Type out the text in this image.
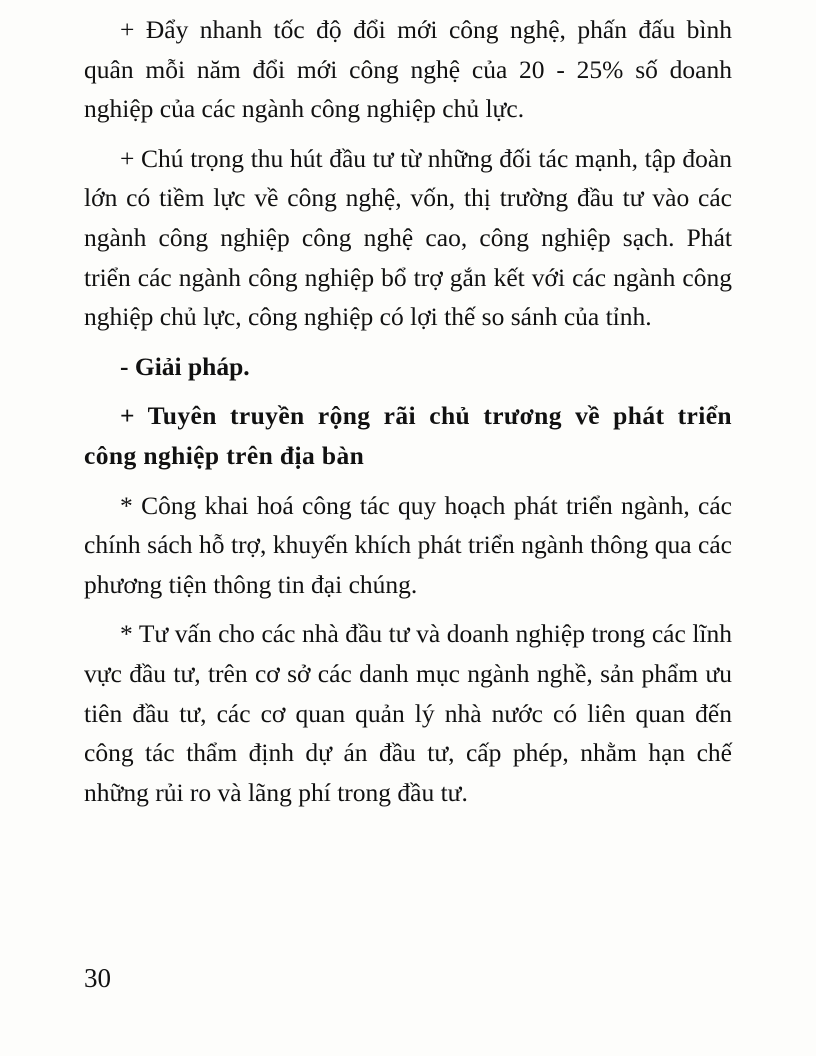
+ Đẩy nhanh tốc độ đổi mới công nghệ, phấn đấu bình quân mỗi năm đổi mới công nghệ của 20 - 25% số doanh nghiệp của các ngành công nghiệp chủ lực.

+ Chú trọng thu hút đầu tư từ những đối tác mạnh, tập đoàn lớn có tiềm lực về công nghệ, vốn, thị trường đầu tư vào các ngành công nghiệp công nghệ cao, công nghiệp sạch. Phát triển các ngành công nghiệp bổ trợ gắn kết với các ngành công nghiệp chủ lực, công nghiệp có lợi thế so sánh của tỉnh.

- Giải pháp.

+ Tuyên truyền rộng rãi chủ trương về phát triển công nghiệp trên địa bàn

* Công khai hoá công tác quy hoạch phát triển ngành, các chính sách hỗ trợ, khuyến khích phát triển ngành thông qua các phương tiện thông tin đại chúng.

* Tư vấn cho các nhà đầu tư và doanh nghiệp trong các lĩnh vực đầu tư, trên cơ sở các danh mục ngành nghề, sản phẩm ưu tiên đầu tư, các cơ quan quản lý nhà nước có liên quan đến công tác thẩm định dự án đầu tư, cấp phép, nhằm hạn chế những rủi ro và lãng phí trong đầu tư.

30
